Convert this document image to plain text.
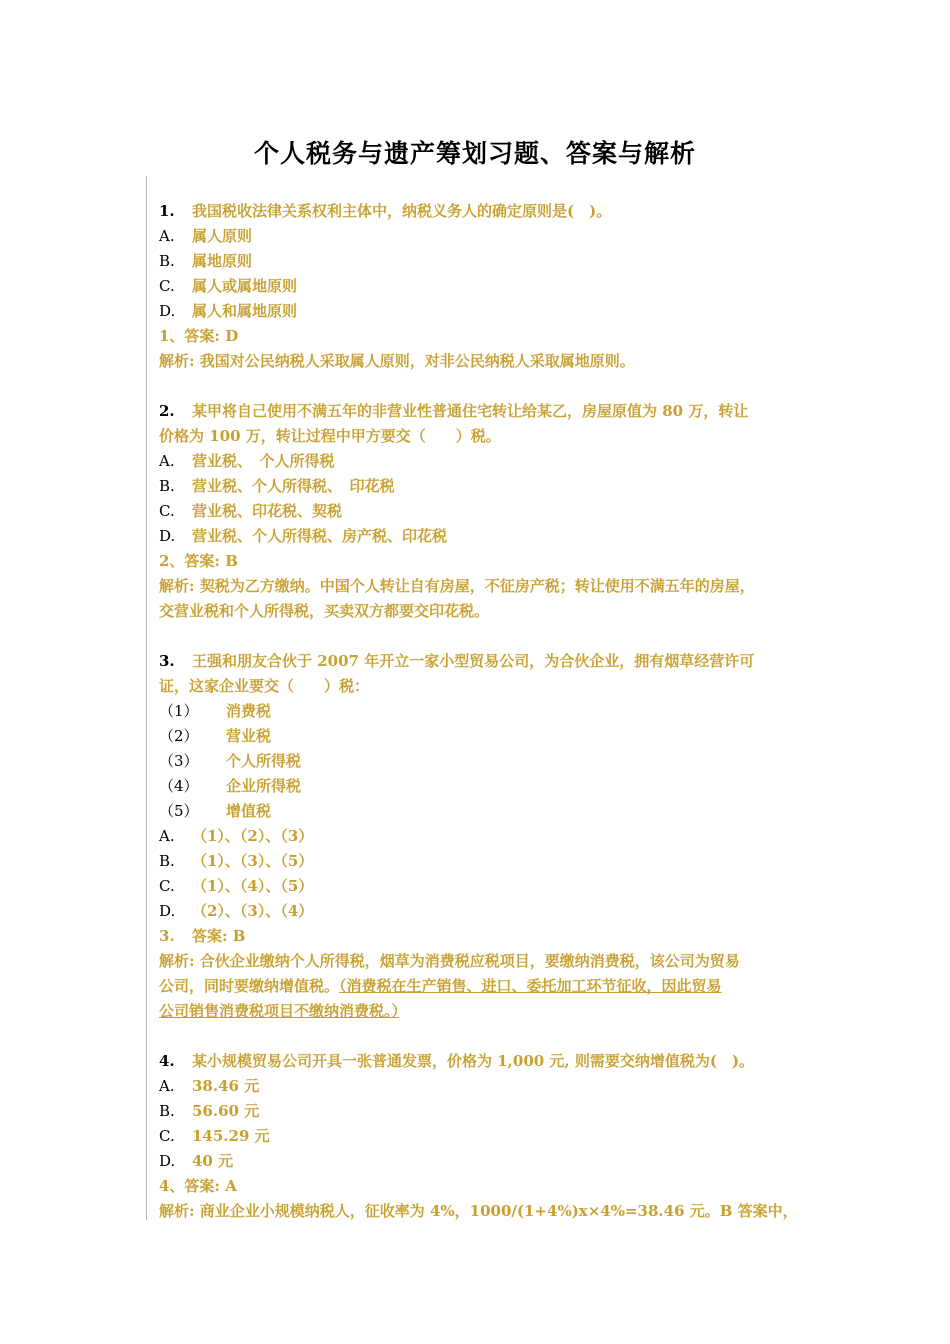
个人税务与遗产筹划习题、答案与解析
1.	我国税收法律关系权利主体中，纳税义务人的确定原则是(　)。
A.	属人原则
B.	属地原则
C.	属人或属地原则
D.	属人和属地原则
1、答案: D
解析: 我国对公民纳税人采取属人原则，对非公民纳税人采取属地原则。
2.	某甲将自己使用不满五年的非营业性普通住宅转让给某乙，房屋原值为 80 万，转让
价格为 100 万，转让过程中甲方要交（　　）税。
A.	营业税、　个人所得税
B.	营业税、个人所得税、　印花税
C.	营业税、印花税、契税
D.	营业税、个人所得税、房产税、印花税
2、答案: B
解析: 契税为乙方缴纳。中国个人转让自有房屋，不征房产税；转让使用不满五年的房屋，
交营业税和个人所得税，买卖双方都要交印花税。
3.	王强和朋友合伙于 2007 年开立一家小型贸易公司，为合伙企业，拥有烟草经营许可
证，这家企业要交（　　）税：
（1）	消费税
（2）	营业税
（3）	个人所得税
（4）	企业所得税
（5）	增值税
A.	（1）、（2）、（3）
B.	（1）、（3）、（5）
C.	（1）、（4）、（5）
D.	（2）、（3）、（4）
3.	答案: B
解析: 合伙企业缴纳个人所得税，烟草为消费税应税项目，要缴纳消费税，该公司为贸易
公司，同时要缴纳增值税。（消费税在生产销售、进口、委托加工环节征收，因此贸易
公司销售消费税项目不缴纳消费税。）　
4.	某小规模贸易公司开具一张普通发票，价格为 1,000 元, 则需要交纳增值税为(　)。
A.	38.46 元
B.	56.60 元
C.	145.29 元
D.	40 元
4、答案: A
解析: 商业企业小规模纳税人，征收率为 4%，1000/(1+4%)x×4%=38.46 元。B 答案中，
